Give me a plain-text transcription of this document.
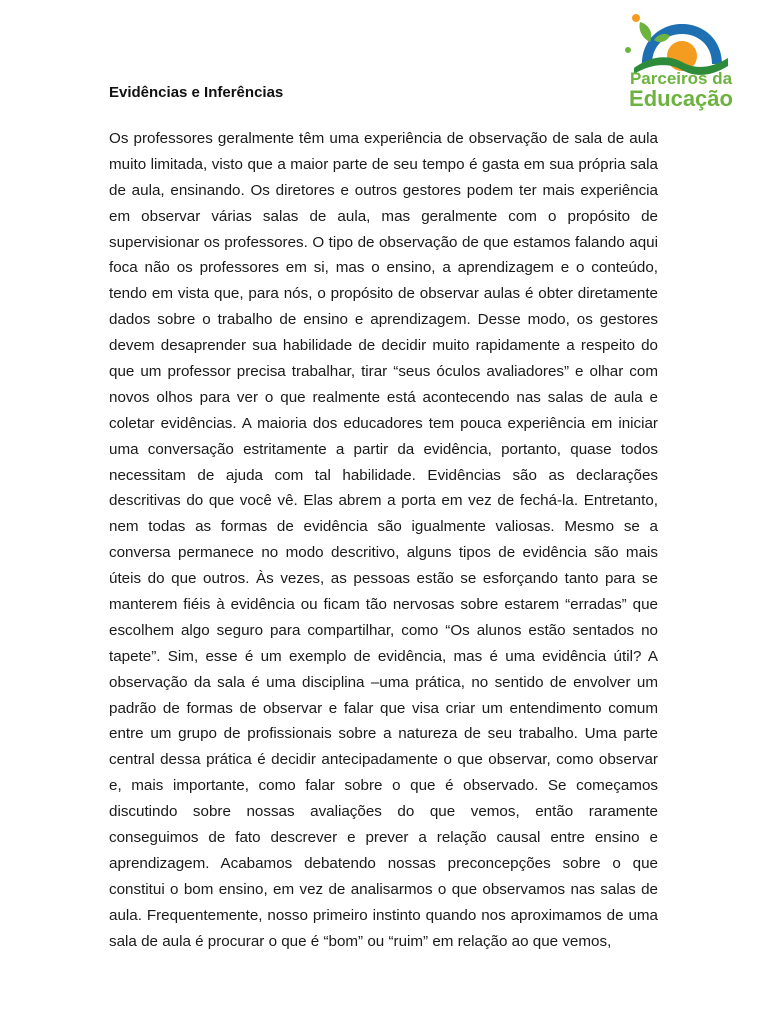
Parceiros da
Educação
Evidências e Inferências
Os professores geralmente têm uma experiência de observação de sala de aula
muito limitada, visto que a maior parte de seu tempo é gasta em sua própria sala
de aula, ensinando. Os diretores e outros gestores podem ter mais experiência
em observar várias salas de aula, mas geralmente com o propósito de
supervisionar os professores. O tipo de observação de que estamos falando aqui
foca não os professores em si, mas o ensino, a aprendizagem e o conteúdo,
tendo em vista que, para nós, o propósito de observar aulas é obter diretamente
dados sobre o trabalho de ensino e aprendizagem. Desse modo, os gestores
devem desaprender sua habilidade de decidir muito rapidamente a respeito do
que um professor precisa trabalhar, tirar “seus óculos avaliadores” e olhar com
novos olhos para ver o que realmente está acontecendo nas salas de aula e
coletar evidências. A maioria dos educadores tem pouca experiência em iniciar
uma conversação estritamente a partir da evidência, portanto, quase todos
necessitam de ajuda com tal habilidade. Evidências são as declarações
descritivas do que você vê. Elas abrem a porta em vez de fechá-la. Entretanto,
nem todas as formas de evidência são igualmente valiosas. Mesmo se a
conversa permanece no modo descritivo, alguns tipos de evidência são mais
úteis do que outros. Às vezes, as pessoas estão se esforçando tanto para se
manterem fiéis à evidência ou ficam tão nervosas sobre estarem “erradas” que
escolhem algo seguro para compartilhar, como “Os alunos estão sentados no
tapete”. Sim, esse é um exemplo de evidência, mas é uma evidência útil? A
observação da sala é uma disciplina –uma prática, no sentido de envolver um
padrão de formas de observar e falar que visa criar um entendimento comum
entre um grupo de profissionais sobre a natureza de seu trabalho. Uma parte
central dessa prática é decidir antecipadamente o que observar, como observar
e, mais importante, como falar sobre o que é observado. Se começamos
discutindo sobre nossas avaliações do que vemos, então raramente
conseguimos de fato descrever e prever a relação causal entre ensino e
aprendizagem. Acabamos debatendo nossas preconcepções sobre o que
constitui o bom ensino, em vez de analisarmos o que observamos nas salas de
aula. Frequentemente, nosso primeiro instinto quando nos aproximamos de uma
sala de aula é procurar o que é “bom” ou “ruim” em relação ao que vemos,
